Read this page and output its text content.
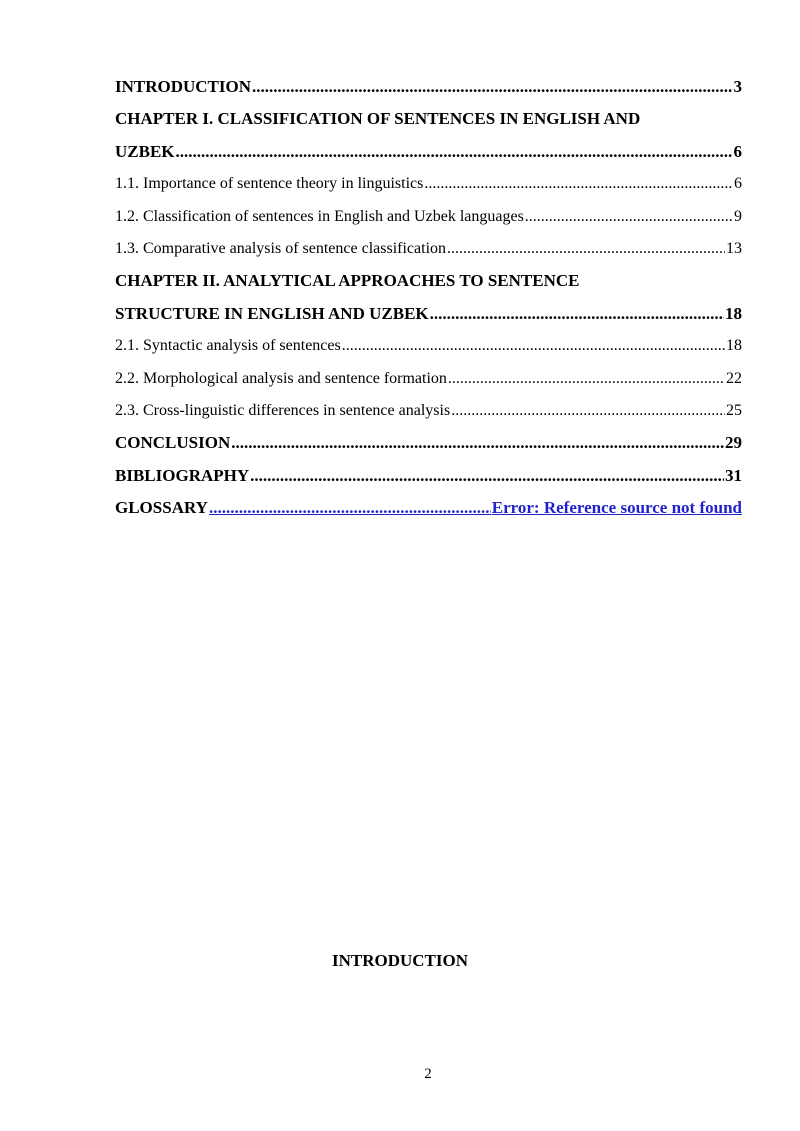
INTRODUCTION .....	3
CHAPTER I. CLASSIFICATION OF SENTENCES IN ENGLISH AND
UZBEK .....	6
1.1. Importance of sentence theory in linguistics .....	6
1.2. Classification of sentences in English and Uzbek languages .....	9
1.3. Comparative analysis of sentence classification .....	13
CHAPTER II. ANALYTICAL APPROACHES TO SENTENCE
STRUCTURE IN ENGLISH AND UZBEK .....	18
2.1. Syntactic analysis of sentences .....	18
2.2. Morphological analysis and sentence formation .....	22
2.3. Cross-linguistic differences in sentence analysis .....	25
CONCLUSION .....	29
BIBLIOGRAPHY .....	31
GLOSSARY .....	Error: Reference source not found
INTRODUCTION
2
